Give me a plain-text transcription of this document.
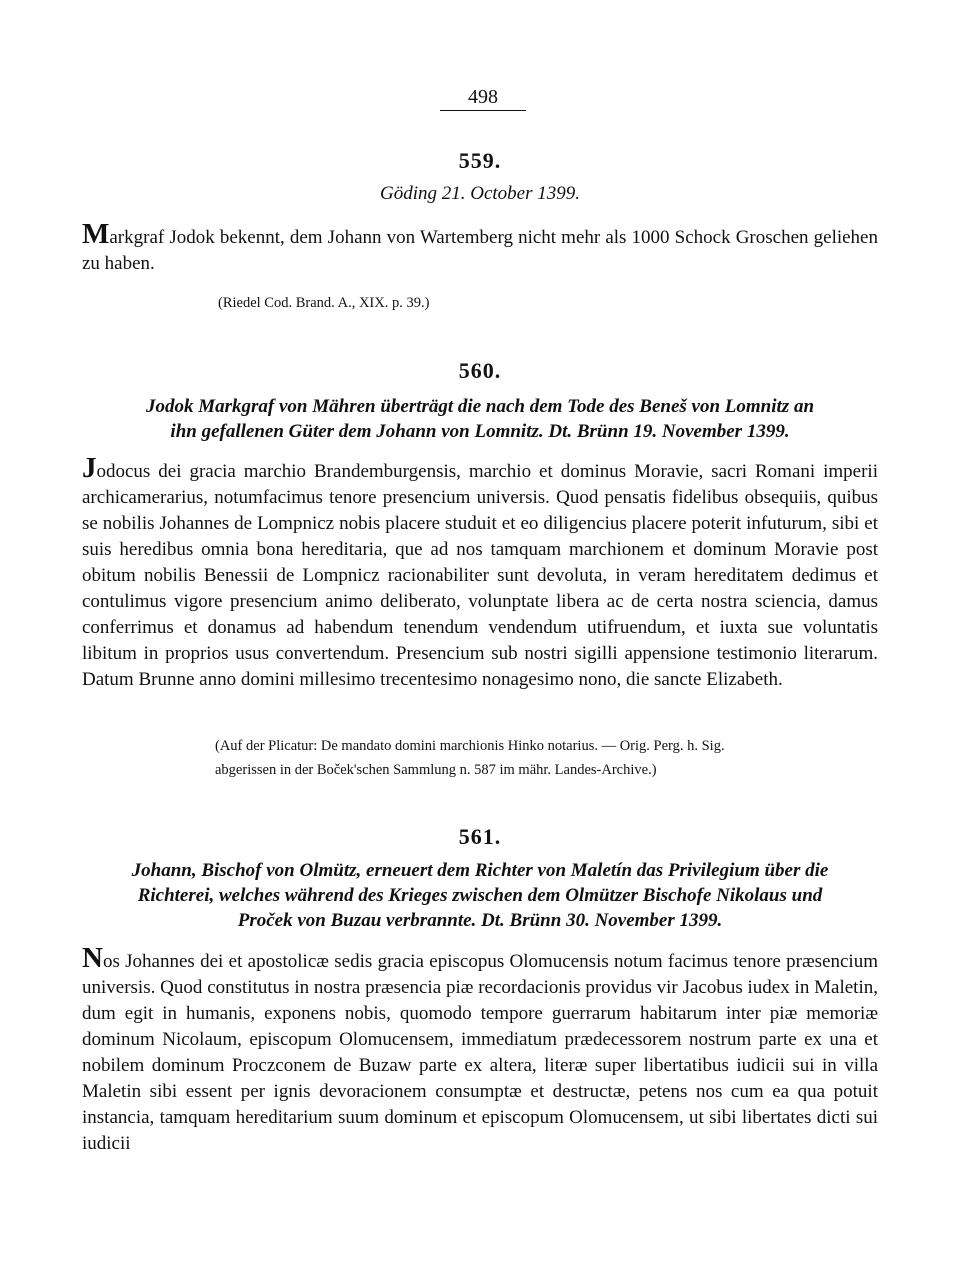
498
559.
Göding 21. October 1399.
Markgraf Jodok bekennt, dem Johann von Wartemberg nicht mehr als 1000 Schock Groschen geliehen zu haben.
(Riedel Cod. Brand. A., XIX. p. 39.)
560.
Jodok Markgraf von Mähren überträgt die nach dem Tode des Beneš von Lomnitz an
ihn gefallenen Güter dem Johann von Lomnitz. Dt. Brünn 19. November 1399.
Jodocus dei gracia marchio Brandemburgensis, marchio et dominus Moravie, sacri Romani imperii archicamerarius, notumfacimus tenore presencium universis. Quod pensatis fidelibus obsequiis, quibus se nobilis Johannes de Lompnicz nobis placere studuit et eo diligencius placere poterit infuturum, sibi et suis heredibus omnia bona hereditaria, que ad nos tamquam marchionem et dominum Moravie post obitum nobilis Benessii de Lompnicz racionabiliter sunt devoluta, in veram hereditatem dedimus et contulimus vigore presencium animo deliberato, volunptate libera ac de certa nostra sciencia, damus conferrimus et donamus ad habendum tenendum vendendum utifruendum, et iuxta sue voluntatis libitum in proprios usus convertendum. Presencium sub nostri sigilli appensione testimonio literarum. Datum Brunne anno domini millesimo trecentesimo nonagesimo nono, die sancte Elizabeth.
(Auf der Plicatur: De mandato domini marchionis Hinko notarius. — Orig. Perg. h. Sig.
abgerissen in der Boček'schen Sammlung n. 587 im mähr. Landes-Archive.)
561.
Johann, Bischof von Olmütz, erneuert dem Richter von Maletín das Privilegium über die
Richterei, welches während des Krieges zwischen dem Olmützer Bischofe Nikolaus und
Proček von Buzau verbrannte. Dt. Brünn 30. November 1399.
Nos Johannes dei et apostolicæ sedis gracia episcopus Olomucensis notum facimus tenore præsencium universis. Quod constitutus in nostra præsencia piæ recordacionis providus vir Jacobus iudex in Maletin, dum egit in humanis, exponens nobis, quomodo tempore guerrarum habitarum inter piæ memoriæ dominum Nicolaum, episcopum Olomucensem, immediatum prædecessorem nostrum parte ex una et nobilem dominum Proczconem de Buzaw parte ex altera, literæ super libertatibus iudicii sui in villa Maletin sibi essent per ignis devoracionem consumptæ et destructæ, petens nos cum ea qua potuit instancia, tamquam hereditarium suum dominum et episcopum Olomucensem, ut sibi libertates dicti sui iudicii
